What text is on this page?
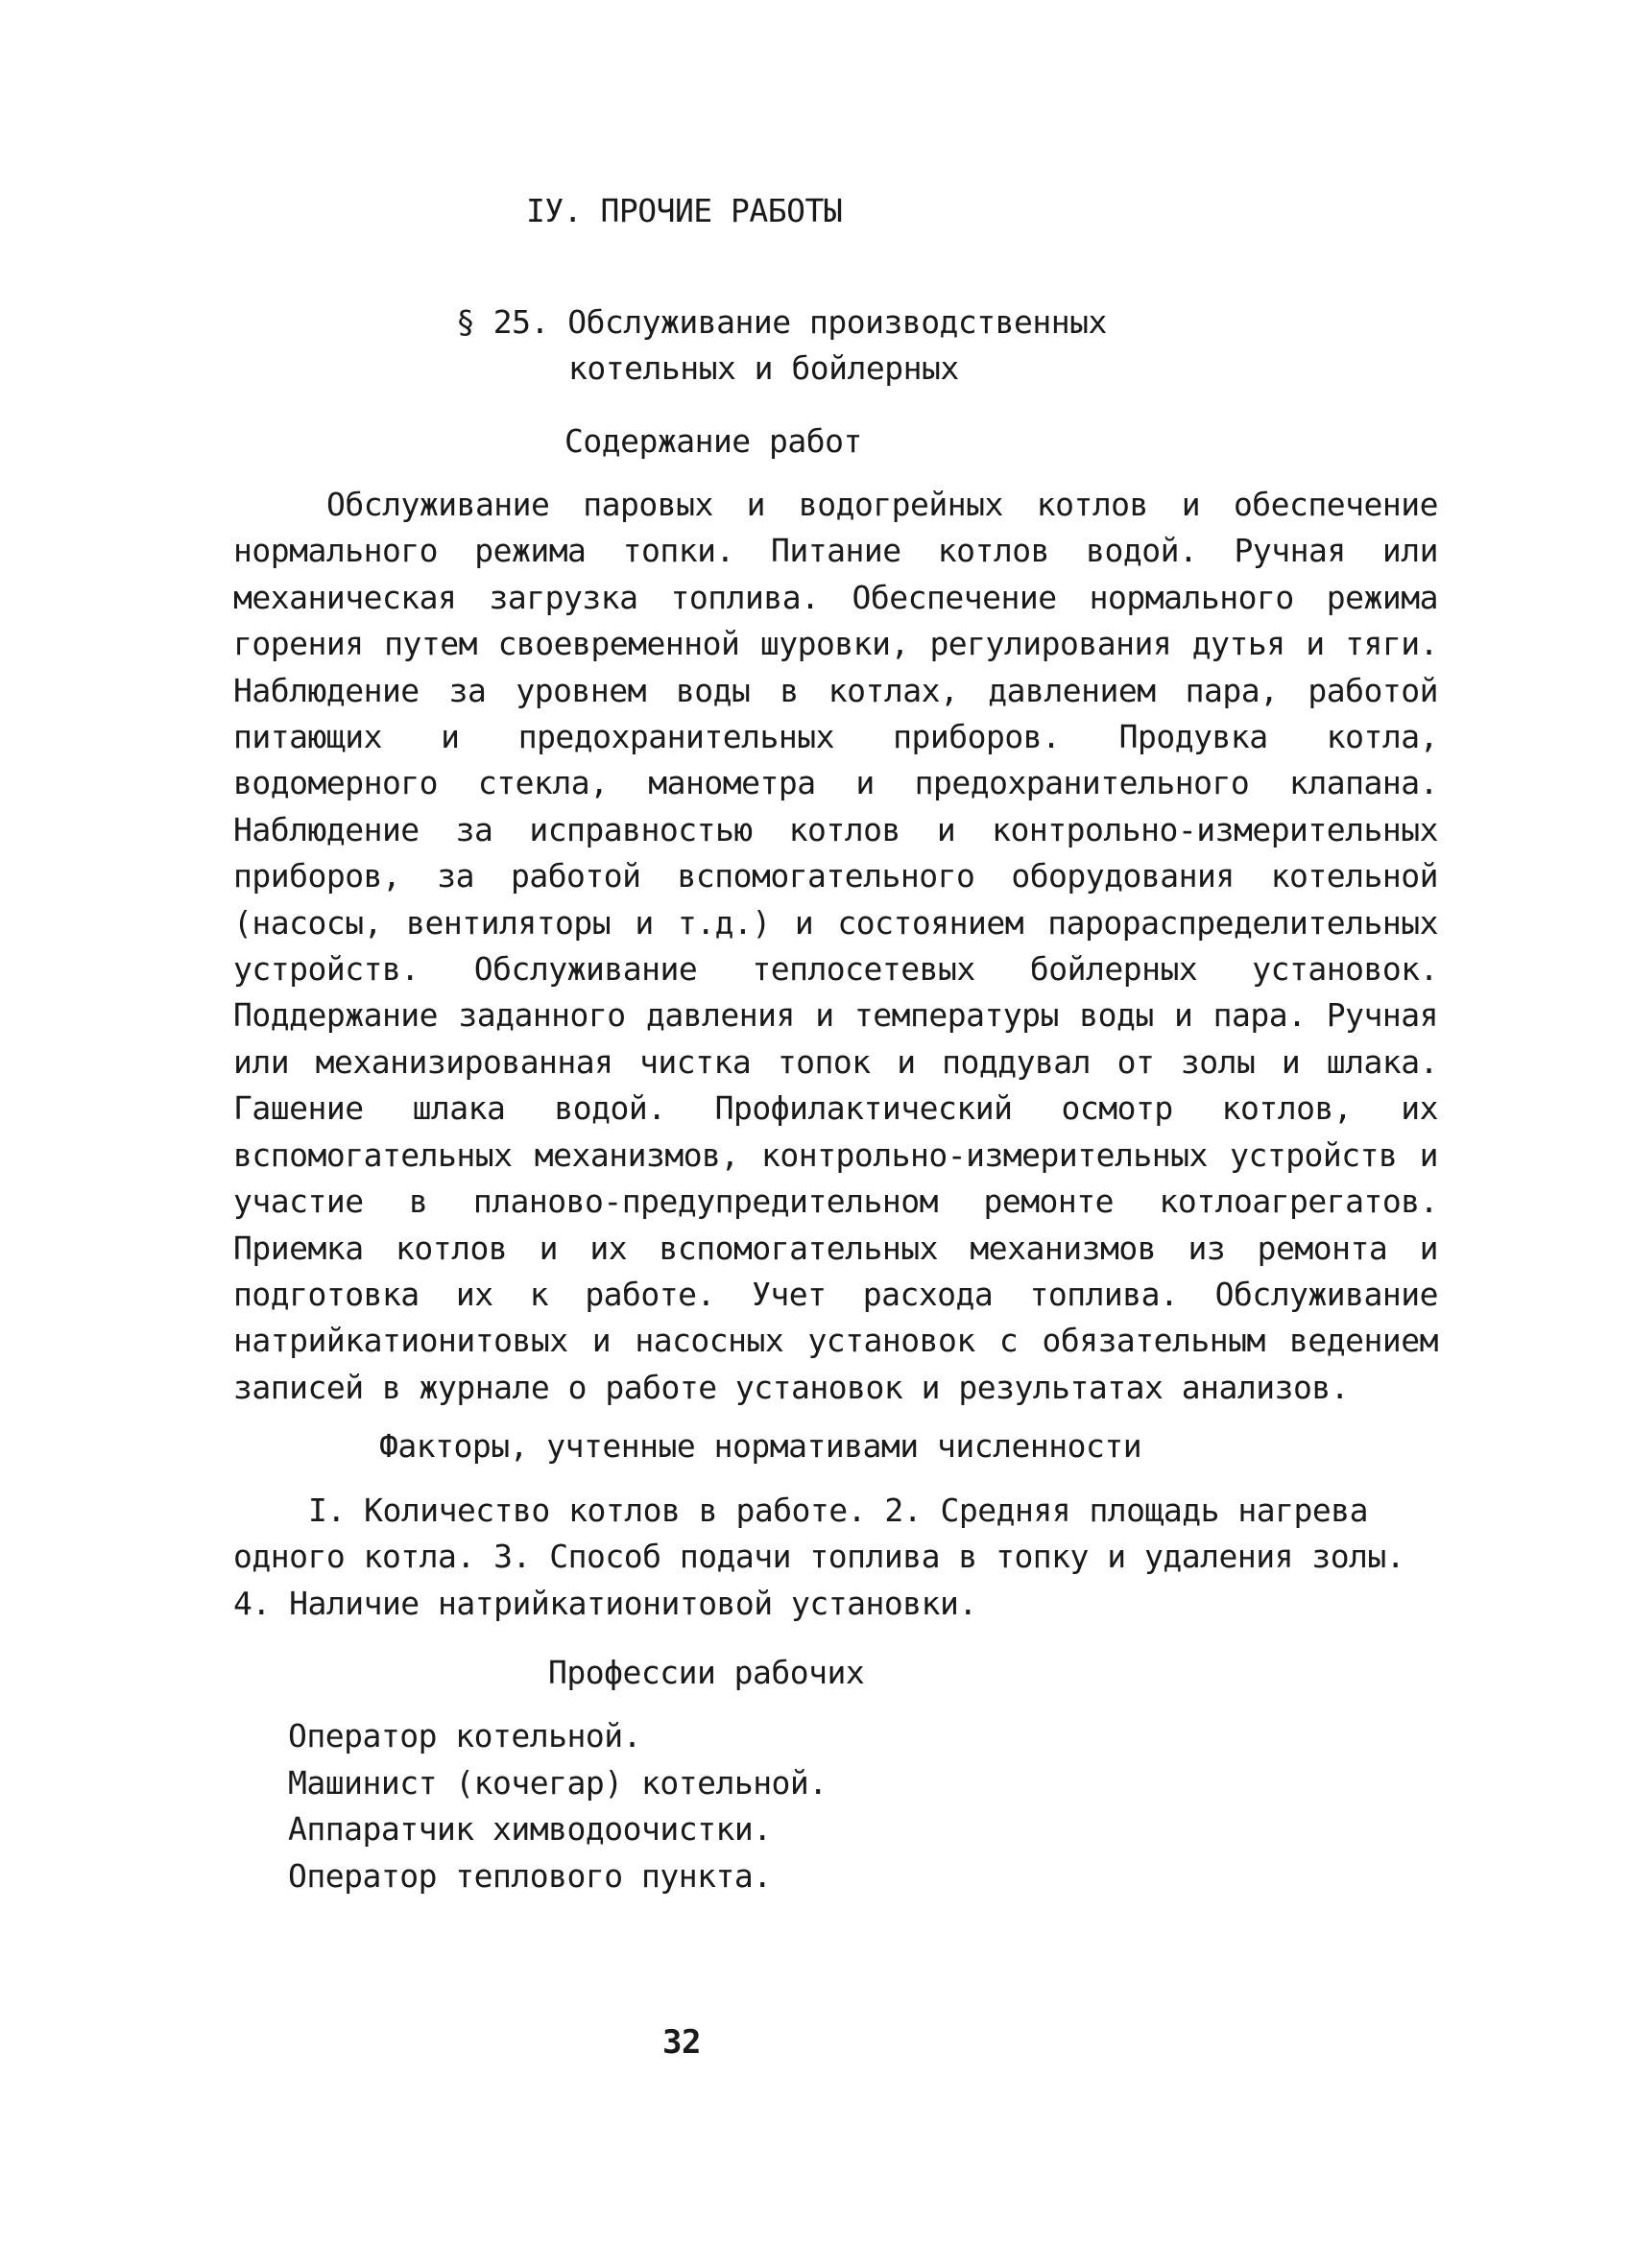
IУ. ПРОЧИЕ РАБОТЫ
§ 25. Обслуживание производственных
котельных и бойлерных
Содержание работ

Обслуживание паровых и водогрейных котлов и обеспечение нормального режима топки. Питание котлов водой. Ручная или механическая загрузка топлива. Обеспечение нормального режима горения путем своевременной шуровки, регулирования дутья и тяги. Наблюдение за уровнем воды в котлах, давлением пара, работой питающих и предохранительных приборов. Продувка котла, водомерного стекла, манометра и предохранительного клапана. Наблюдение за исправностью котлов и контрольно-измерительных приборов, за работой вспомогательного оборудования котельной (насосы, вентиляторы и т.д.) и состоянием парораспределительных устройств. Обслуживание теплосетевых бойлерных установок. Поддержание заданного давления и температуры воды и пара. Ручная или механизированная чистка топок и поддувал от золы и шлака. Гашение шлака водой. Профилактический осмотр котлов, их вспомогательных механизмов, контрольно-измерительных устройств и участие в планово-предупредительном ремонте котлоагрегатов. Приемка котлов и их вспомогательных механизмов из ремонта и подготовка их к работе. Учет расхода топлива. Обслуживание натрийкатионитовых и насосных установок с обязательным ведением записей в журнале о работе установок и результатах анализов.

Факторы, учтенные нормативами численности

I. Количество котлов в работе. 2. Средняя площадь нагрева одного котла. 3. Способ подачи топлива в топку и удаления золы. 4. Наличие натрийкатионитовой установки.

Профессии рабочих
Оператор котельной.
Машинист (кочегар) котельной.
Аппаратчик химводоочистки.
Оператор теплового пункта.

32
